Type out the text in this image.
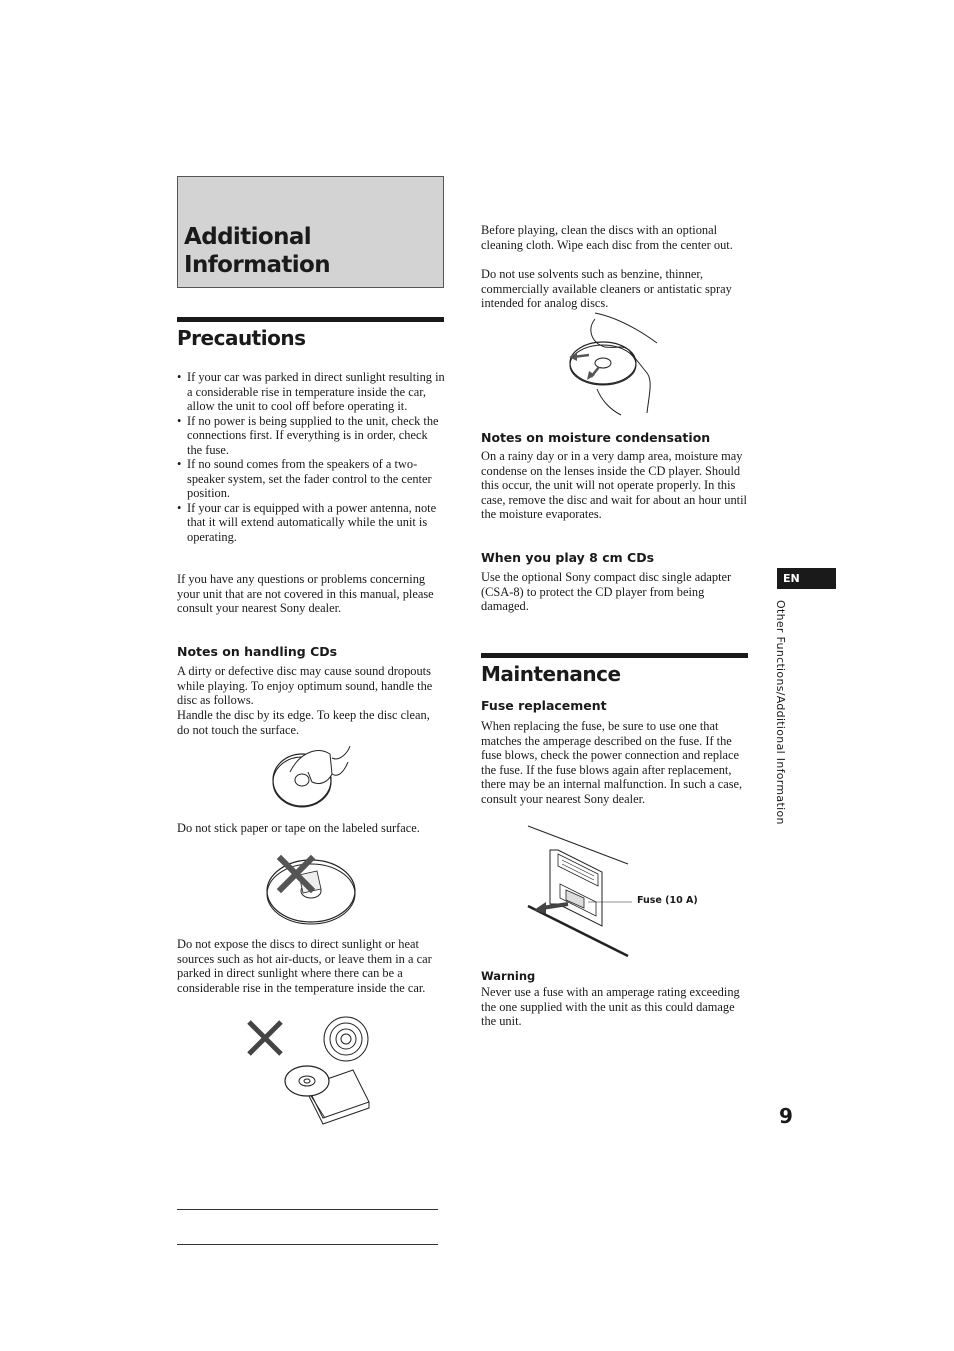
Additional
Information
Precautions
• If your car was parked in direct sunlight resulting in a considerable rise in temperature inside the car, allow the unit to cool off before operating it.
• If no power is being supplied to the unit, check the connections first. If everything is in order, check the fuse.
• If no sound comes from the speakers of a two-speaker system, set the fader control to the center position.
• If your car is equipped with a power antenna, note that it will extend automatically while the unit is operating.

If you have any questions or problems concerning your unit that are not covered in this manual, please consult your nearest Sony dealer.

Notes on handling CDs

A dirty or defective disc may cause sound dropouts while playing. To enjoy optimum sound, handle the disc as follows.

Handle the disc by its edge. To keep the disc clean, do not touch the surface.

Do not stick paper or tape on the labeled surface.

Do not expose the discs to direct sunlight or heat sources such as hot air-ducts, or leave them in a car parked in direct sunlight where there can be a considerable rise in the temperature inside the car.

Before playing, clean the discs with an optional cleaning cloth. Wipe each disc from the center out.

Do not use solvents such as benzine, thinner, commercially available cleaners or antistatic spray intended for analog discs.

Notes on moisture condensation

On a rainy day or in a very damp area, moisture may condense on the lenses inside the CD player. Should this occur, the unit will not operate properly. In this case, remove the disc and wait for about an hour until the moisture evaporates.

When you play 8 cm CDs

Use the optional Sony compact disc single adapter (CSA-8) to protect the CD player from being damaged.

Maintenance
Fuse replacement

When replacing the fuse, be sure to use one that matches the amperage described on the fuse. If the fuse blows, check the power connection and replace the fuse. If the fuse blows again after replacement, there may be an internal malfunction. In such a case, consult your nearest Sony dealer.

Fuse (10 A)
Warning

Never use a fuse with an amperage rating exceeding the one supplied with the unit as this could damage the unit.

EN
Other Functions/Additional Information
9
